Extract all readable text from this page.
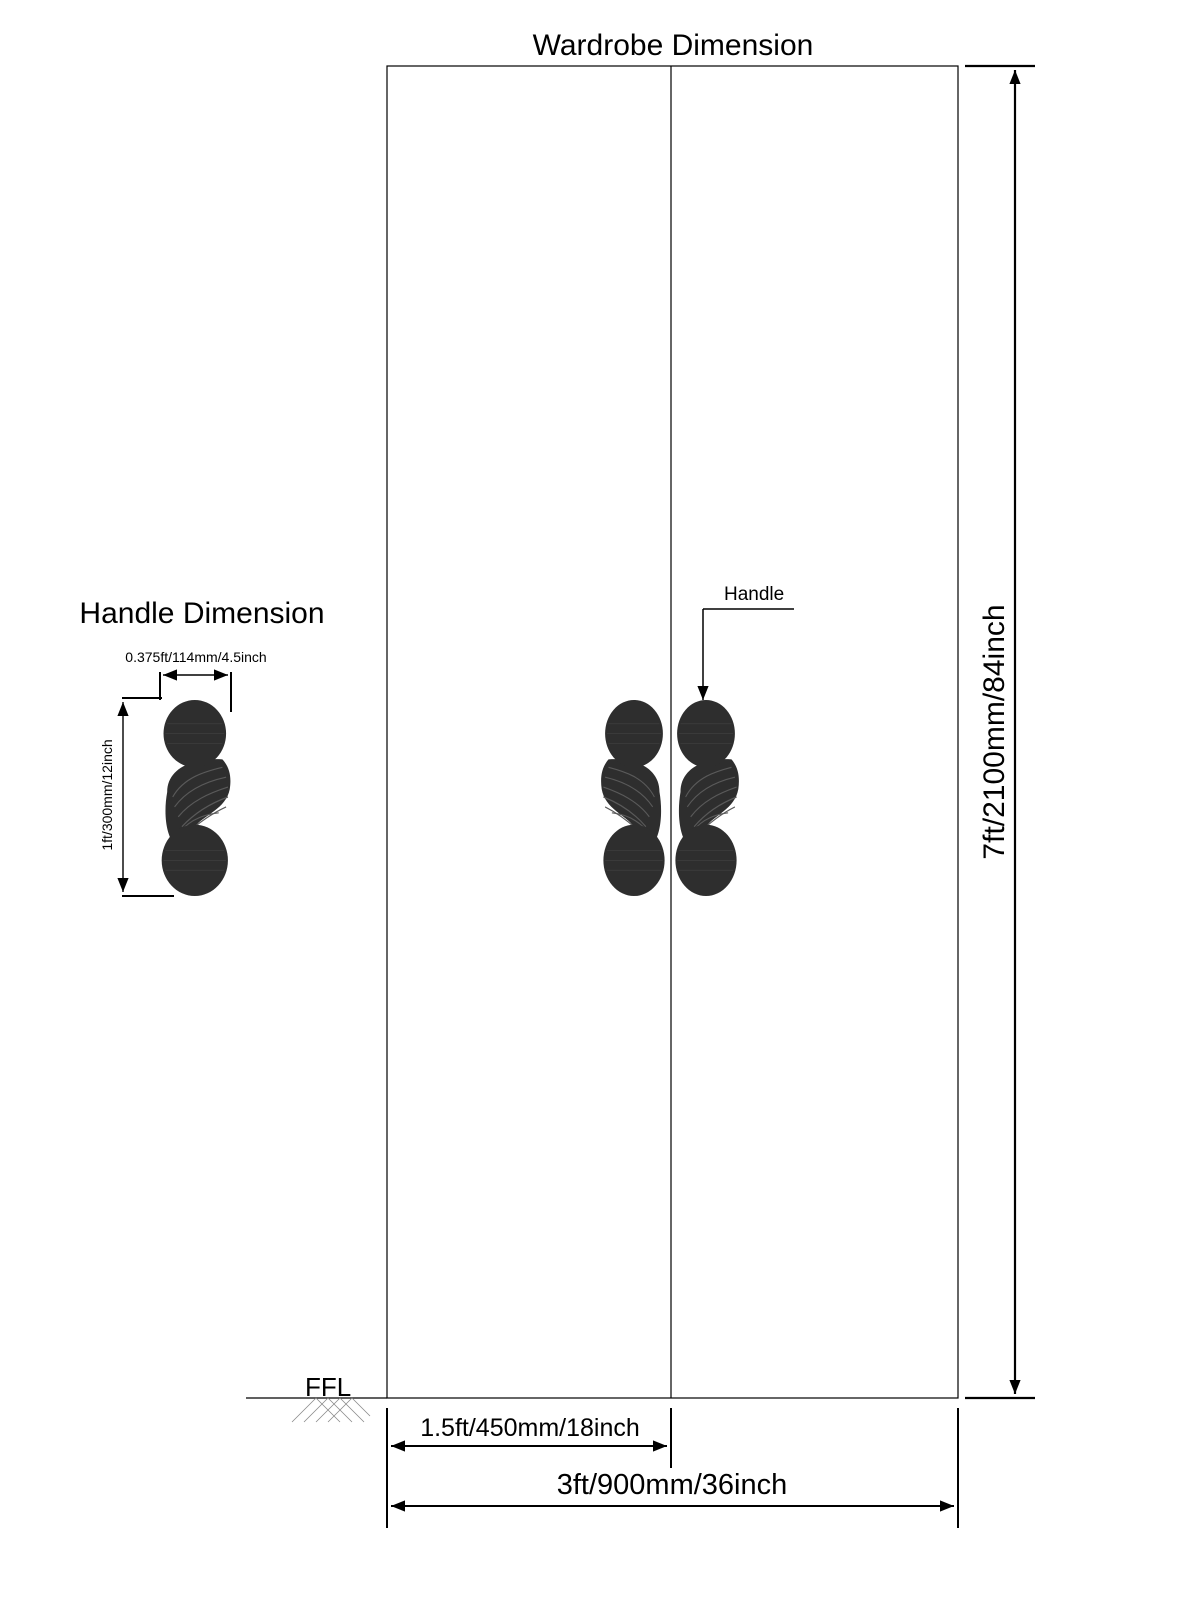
Wardrobe Dimension
Handle
7ft/2100mm/84inch
FFL
1.5ft/450mm/18inch
3ft/900mm/36inch
Handle Dimension
0.375ft/114mm/4.5inch
1ft/300mm/12inch
